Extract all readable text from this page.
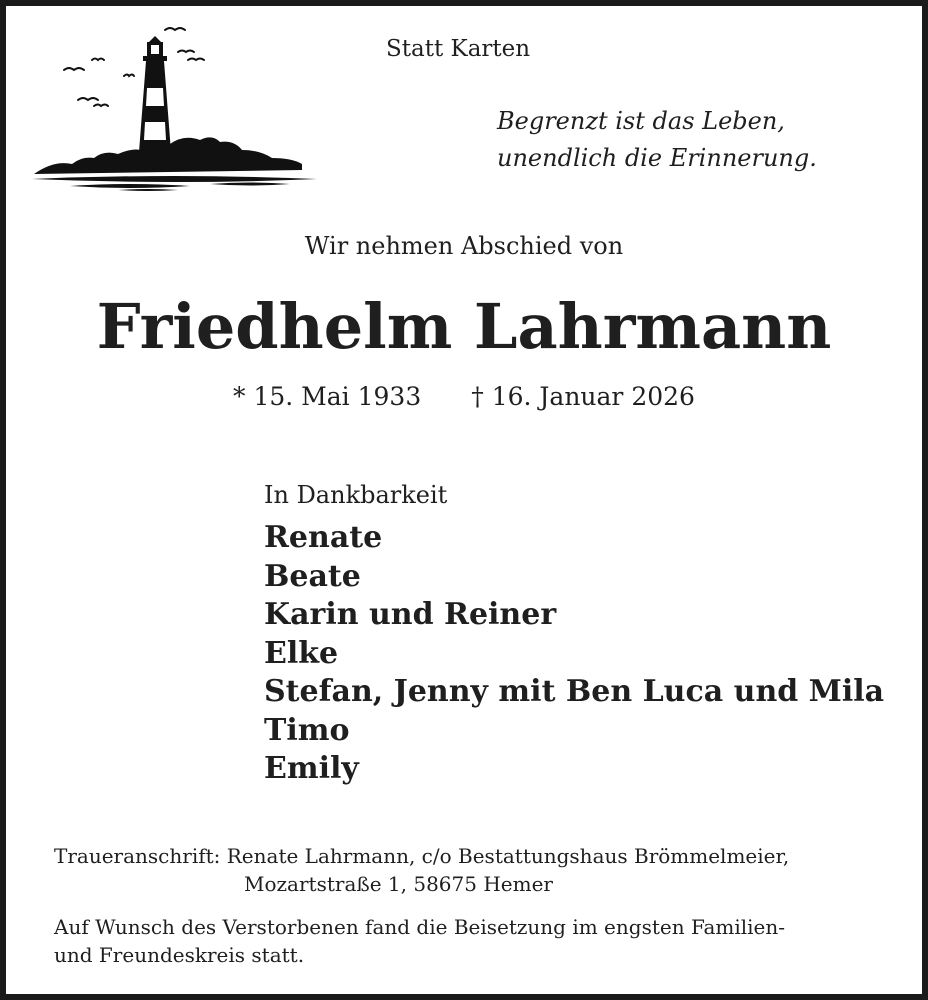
Statt Karten
Begrenzt ist das Leben,
unendlich die Erinnerung.
Wir nehmen Abschied von
Friedhelm Lahrmann
* 15. Mai 1933 † 16. Januar 2026
In Dankbarkeit
Renate
Beate
Karin und Reiner
Elke
Stefan, Jenny mit Ben Luca und Mila
Timo
Emily
Traueranschrift: Renate Lahrmann, c/o Bestattungshaus Brömmelmeier,
Mozartstraße 1, 58675 Hemer
Auf Wunsch des Verstorbenen fand die Beisetzung im engsten Familien-
und Freundeskreis statt.
